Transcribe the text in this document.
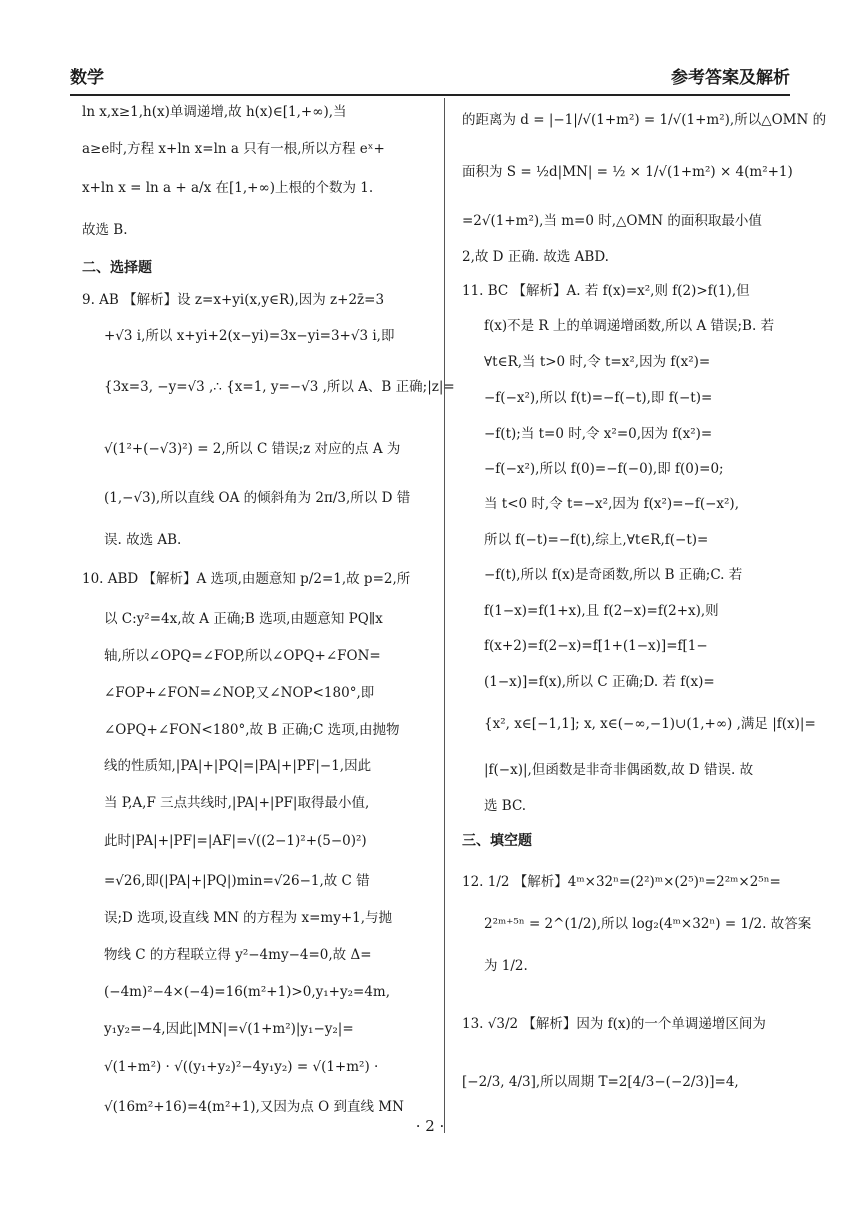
数学	参考答案及解析
ln x,x≥1,h(x)单调递增,故 h(x)∈[1,+∞),当
a≥e时,方程 x+ln x=ln a 只有一根,所以方程 eˣ+
x+ln x = ln a + a/x 在[1,+∞)上根的个数为 1.
故选 B.
二、选择题
9. AB 【解析】设 z=x+yi(x,y∈R),因为 z+2z̄=3
+√3 i,所以 x+yi+2(x−yi)=3x−yi=3+√3 i,即
{3x=3, −y=√3 ,∴ {x=1, y=−√3 ,所以 A、B 正确;|z|=
√(1²+(−√3)²) = 2,所以 C 错误;z 对应的点 A 为
(1,−√3),所以直线 OA 的倾斜角为 2π/3,所以 D 错
误. 故选 AB.
10. ABD 【解析】A 选项,由题意知 p/2=1,故 p=2,所
以 C:y²=4x,故 A 正确;B 选项,由题意知 PQ∥x
轴,所以∠OPQ=∠FOP,所以∠OPQ+∠FON=
∠FOP+∠FON=∠NOP,又∠NOP<180°,即
∠OPQ+∠FON<180°,故 B 正确;C 选项,由抛物
线的性质知,|PA|+|PQ|=|PA|+|PF|−1,因此
当 P,A,F 三点共线时,|PA|+|PF|取得最小值,
此时|PA|+|PF|=|AF|=√((2−1)²+(5−0)²)
=√26,即(|PA|+|PQ|)min=√26−1,故 C 错
误;D 选项,设直线 MN 的方程为 x=my+1,与抛
物线 C 的方程联立得 y²−4my−4=0,故 Δ=
(−4m)²−4×(−4)=16(m²+1)>0,y₁+y₂=4m,
y₁y₂=−4,因此|MN|=√(1+m²)|y₁−y₂|=
√(1+m²) · √((y₁+y₂)²−4y₁y₂) = √(1+m²) ·
√(16m²+16)=4(m²+1),又因为点 O 到直线 MN
的距离为 d = |−1|/√(1+m²) = 1/√(1+m²),所以△OMN 的
面积为 S = ½d|MN| = ½ × 1/√(1+m²) × 4(m²+1)
=2√(1+m²),当 m=0 时,△OMN 的面积取最小值
2,故 D 正确. 故选 ABD.
11. BC 【解析】A. 若 f(x)=x²,则 f(2)>f(1),但
f(x)不是 R 上的单调递增函数,所以 A 错误;B. 若
∀t∈R,当 t>0 时,令 t=x²,因为 f(x²)=
−f(−x²),所以 f(t)=−f(−t),即 f(−t)=
−f(t);当 t=0 时,令 x²=0,因为 f(x²)=
−f(−x²),所以 f(0)=−f(−0),即 f(0)=0;
当 t<0 时,令 t=−x²,因为 f(x²)=−f(−x²),
所以 f(−t)=−f(t),综上,∀t∈R,f(−t)=
−f(t),所以 f(x)是奇函数,所以 B 正确;C. 若
f(1−x)=f(1+x),且 f(2−x)=f(2+x),则
f(x+2)=f(2−x)=f[1+(1−x)]=f[1−
(1−x)]=f(x),所以 C 正确;D. 若 f(x)=
{x², x∈[−1,1]; x, x∈(−∞,−1)∪(1,+∞) ,满足 |f(x)|=
|f(−x)|,但函数是非奇非偶函数,故 D 错误. 故
选 BC.
三、填空题
12. 1/2 【解析】4ᵐ×32ⁿ=(2²)ᵐ×(2⁵)ⁿ=2²ᵐ×2⁵ⁿ=
2²ᵐ⁺⁵ⁿ = 2^(1/2),所以 log₂(4ᵐ×32ⁿ) = 1/2. 故答案
为 1/2.
13. √3/2 【解析】因为 f(x)的一个单调递增区间为
[−2/3, 4/3],所以周期 T=2[4/3−(−2/3)]=4,
· 2 ·
